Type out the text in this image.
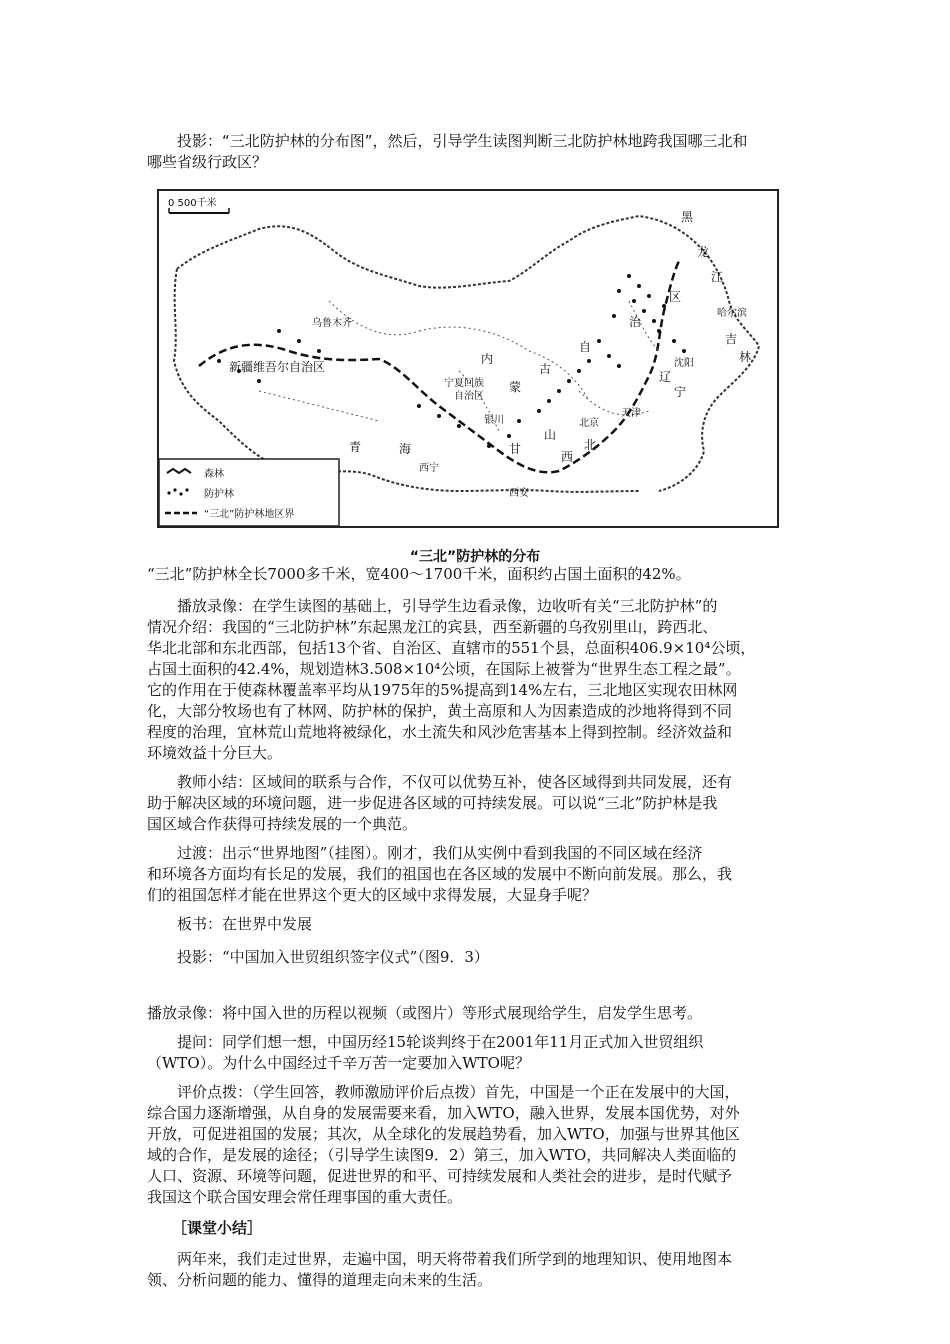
投影：“三北防护林的分布图”，然后，引导学生读图判断三北防护林地跨我国哪三北和
哪些省级行政区？
0 500千米
黑
龙
江
哈尔滨
吉
林
乌鲁木齐
新疆维吾尔自治区
区
治
自
古
蒙
内
宁夏回族
自治区
沈阳
辽
宁
北京
天津
青	海
西宁
银川
山
西
北
甘
西安
森林
防护林
“三北”防护林地区界
“三北”防护林的分布
“三北”防护林全长7000多千米，宽400～1700千米，面积约占国土面积的42%。
播放录像：在学生读图的基础上，引导学生边看录像，边收听有关“三北防护林”的
情况介绍：我国的“三北防护林”东起黑龙江的宾县，西至新疆的乌孜别里山，跨西北、
华北北部和东北西部，包括13个省、自治区、直辖市的551个县，总面积406.9×10⁴公顷，
占国土面积的42.4%，规划造林3.508×10⁴公顷，在国际上被誉为“世界生态工程之最”。
它的作用在于使森林覆盖率平均从1975年的5%提高到14%左右，三北地区实现农田林网
化，大部分牧场也有了林网、防护林的保护，黄土高原和人为因素造成的沙地将得到不同
程度的治理，宜林荒山荒地将被绿化，水土流失和风沙危害基本上得到控制。经济效益和
环境效益十分巨大。
教师小结：区域间的联系与合作，不仅可以优势互补，使各区域得到共同发展，还有
助于解决区域的环境问题，进一步促进各区域的可持续发展。可以说“三北”防护林是我
国区域合作获得可持续发展的一个典范。
过渡：出示“世界地图”（挂图）。刚才，我们从实例中看到我国的不同区域在经济
和环境各方面均有长足的发展，我们的祖国也在各区域的发展中不断向前发展。那么，我
们的祖国怎样才能在世界这个更大的区域中求得发展，大显身手呢？
板书：在世界中发展
投影：“中国加入世贸组织签字仪式”（图9．3）
播放录像：将中国入世的历程以视频（或图片）等形式展现给学生，启发学生思考。
提问：同学们想一想，中国历经15轮谈判终于在2001年11月正式加入世贸组织
（WTO）。为什么中国经过千辛万苦一定要加入WTO呢？
评价点拨：（学生回答，教师激励评价后点拨）首先，中国是一个正在发展中的大国，
综合国力逐渐增强，从自身的发展需要来看，加入WTO，融入世界，发展本国优势，对外
开放，可促进祖国的发展；其次，从全球化的发展趋势看，加入WTO，加强与世界其他区
域的合作，是发展的途径；（引导学生读图9．2）第三，加入WTO，共同解决人类面临的
人口、资源、环境等问题，促进世界的和平、可持续发展和人类社会的进步，是时代赋予
我国这个联合国安理会常任理事国的重大责任。
［课堂小结］
两年来，我们走过世界，走遍中国，明天将带着我们所学到的地理知识、使用地图本
领、分析问题的能力、懂得的道理走向未来的生活。
